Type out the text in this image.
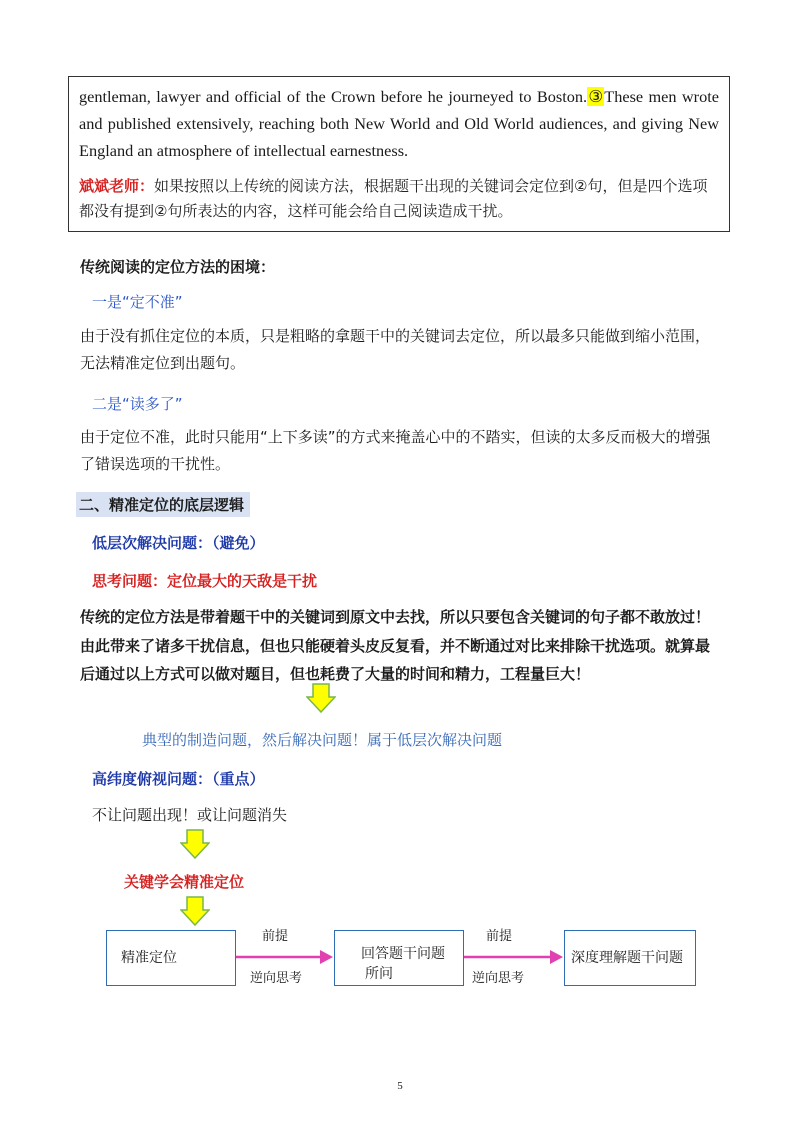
gentleman, lawyer and official of the Crown before he journeyed to Boston.③These men wrote and published extensively, reaching both New World and Old World audiences, and giving New England an atmosphere of intellectual earnestness.

斌斌老师：如果按照以上传统的阅读方法，根据题干出现的关键词会定位到②句，但是四个选项都没有提到②句所表达的内容，这样可能会给自己阅读造成干扰。

传统阅读的定位方法的困境：
一是“定不准”

由于没有抓住定位的本质，只是粗略的拿题干中的关键词去定位，所以最多只能做到缩小范围，无法精准定位到出题句。

二是“读多了”

由于定位不准，此时只能用“上下多读”的方式来掩盖心中的不踏实，但读的太多反而极大的增强了错误选项的干扰性。

二、精准定位的底层逻辑
低层次解决问题：（避免）
思考问题：定位最大的天敌是干扰

传统的定位方法是带着题干中的关键词到原文中去找，所以只要包含关键词的句子都不敢放过！由此带来了诸多干扰信息，但也只能硬着头皮反复看，并不断通过对比来排除干扰选项。就算最后通过以上方式可以做对题目，但也耗费了大量的时间和精力，工程量巨大！

典型的制造问题，然后解决问题！属于低层次解决问题
高纬度俯视问题：（重点）
不让问题出现！或让问题消失
关键学会精准定位
精准定位
前提
逆向思考
回答题干问题
所问
前提
逆向思考
深度理解题干问题
5
